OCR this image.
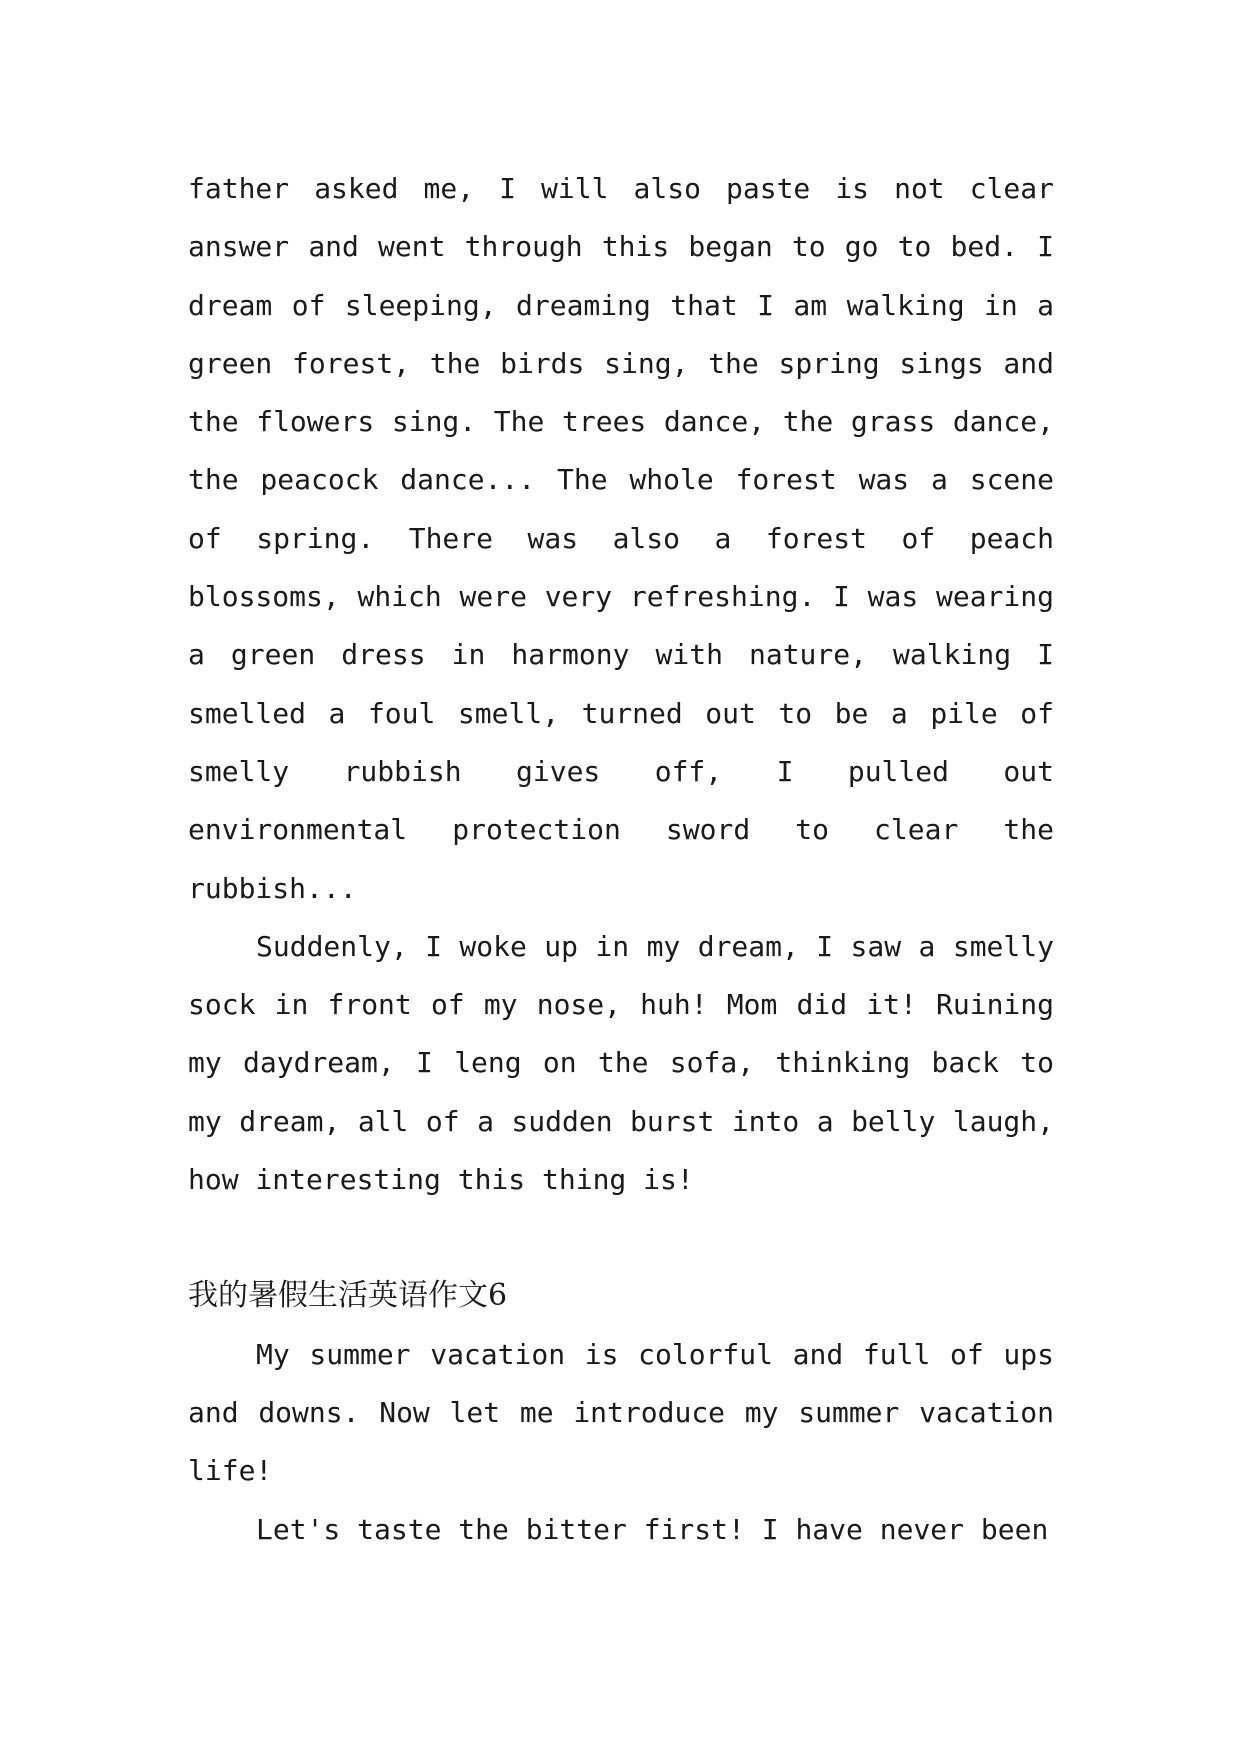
father asked me, I will also paste is not clear answer and went through this began to go to bed. I dream of sleeping, dreaming that I am walking in a green forest, the birds sing, the spring sings and the flowers sing. The trees dance, the grass dance, the peacock dance... The whole forest was a scene of spring. There was also a forest of peach blossoms, which were very refreshing. I was wearing a green dress in harmony with nature, walking I smelled a foul smell, turned out to be a pile of smelly rubbish gives off, I pulled out environmental protection sword to clear the rubbish...

Suddenly, I woke up in my dream, I saw a smelly sock in front of my nose, huh! Mom did it! Ruining my daydream, I leng on the sofa, thinking back to my dream, all of a sudden burst into a belly laugh, how interesting this thing is!

我的暑假生活英语作文6

My summer vacation is colorful and full of ups and downs. Now let me introduce my summer vacation life!

Let's taste the bitter first! I have never been
